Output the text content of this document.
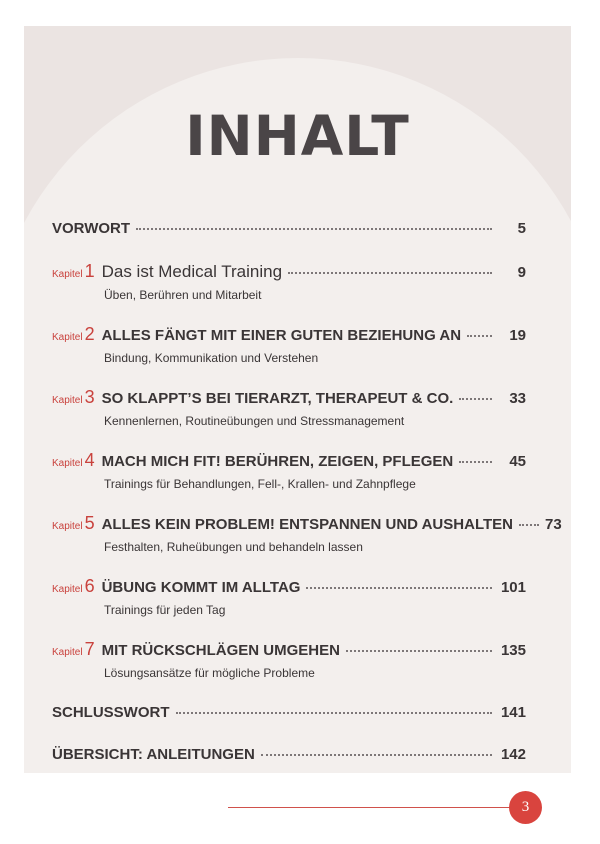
INHALT
VORWORT	5
Kapitel 1 Das ist Medical Training	9
Üben, Berühren und Mitarbeit
Kapitel 2 ALLES FÄNGT MIT EINER GUTEN BEZIEHUNG AN	19
Bindung, Kommunikation und Verstehen
Kapitel 3 SO KLAPPT’S BEI TIERARZT, THERAPEUT & CO.	33
Kennenlernen, Routineübungen und Stressmanagement
Kapitel 4 MACH MICH FIT! BERÜHREN, ZEIGEN, PFLEGEN	45
Trainings für Behandlungen, Fell-, Krallen- und Zahnpflege
Kapitel 5 ALLES KEIN PROBLEM! ENTSPANNEN UND AUSHALTEN 73
Festhalten, Ruheübungen und behandeln lassen
Kapitel 6 ÜBUNG KOMMT IM ALLTAG	101
Trainings für jeden Tag
Kapitel 7 MIT RÜCKSCHLÄGEN UMGEHEN	135
Lösungsansätze für mögliche Probleme
SCHLUSSWORT	141
ÜBERSICHT: ANLEITUNGEN	142
3
